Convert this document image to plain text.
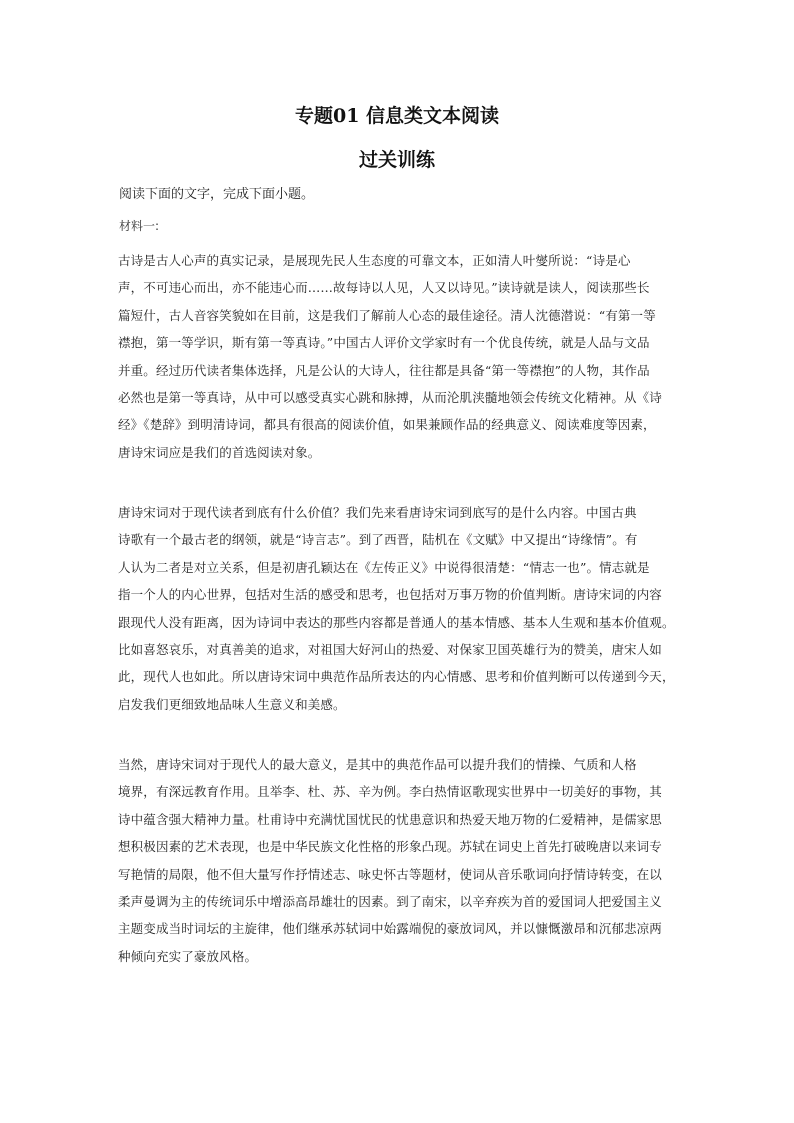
专题01 信息类文本阅读
过关训练
阅读下面的文字，完成下面小题。
材料一:
古诗是古人心声的真实记录，是展现先民人生态度的可靠文本，正如清人叶燮所说：“诗是心
声，不可违心而出，亦不能违心而……故每诗以人见，人又以诗见。”读诗就是读人，阅读那些长
篇短什，古人音容笑貌如在目前，这是我们了解前人心态的最佳途径。清人沈德潜说：“有第一等
襟抱，第一等学识，斯有第一等真诗。”中国古人评价文学家时有一个优良传统，就是人品与文品
并重。经过历代读者集体选择，凡是公认的大诗人，往往都是具备“第一等襟抱”的人物，其作品
必然也是第一等真诗，从中可以感受真实心跳和脉搏，从而沦肌浃髓地领会传统文化精神。从《诗
经》《楚辞》到明清诗词，都具有很高的阅读价值，如果兼顾作品的经典意义、阅读难度等因素，
唐诗宋词应是我们的首选阅读对象。
唐诗宋词对于现代读者到底有什么价值？我们先来看唐诗宋词到底写的是什么内容。中国古典
诗歌有一个最古老的纲领，就是“诗言志”。到了西晋，陆机在《文赋》中又提出“诗缘情”。有
人认为二者是对立关系，但是初唐孔颖达在《左传正义》中说得很清楚：“情志一也”。情志就是
指一个人的内心世界，包括对生活的感受和思考，也包括对万事万物的价值判断。唐诗宋词的内容
跟现代人没有距离，因为诗词中表达的那些内容都是普通人的基本情感、基本人生观和基本价值观。
比如喜怒哀乐，对真善美的追求，对祖国大好河山的热爱、对保家卫国英雄行为的赞美，唐宋人如
此，现代人也如此。所以唐诗宋词中典范作品所表达的内心情感、思考和价值判断可以传递到今天，
启发我们更细致地品味人生意义和美感。
当然，唐诗宋词对于现代人的最大意义，是其中的典范作品可以提升我们的情操、气质和人格
境界，有深远教育作用。且举李、杜、苏、辛为例。李白热情讴歌现实世界中一切美好的事物，其
诗中蕴含强大精神力量。杜甫诗中充满忧国忧民的忧患意识和热爱天地万物的仁爱精神，是儒家思
想积极因素的艺术表现，也是中华民族文化性格的形象凸现。苏轼在词史上首先打破晚唐以来词专
写艳情的局限，他不但大量写作抒情述志、咏史怀古等题材，使词从音乐歌词向抒情诗转变，在以
柔声曼调为主的传统词乐中增添高昂雄壮的因素。到了南宋，以辛弃疾为首的爱国词人把爱国主义
主题变成当时词坛的主旋律，他们继承苏轼词中始露端倪的豪放词风，并以慷慨激昂和沉郁悲凉两
种倾向充实了豪放风格。
